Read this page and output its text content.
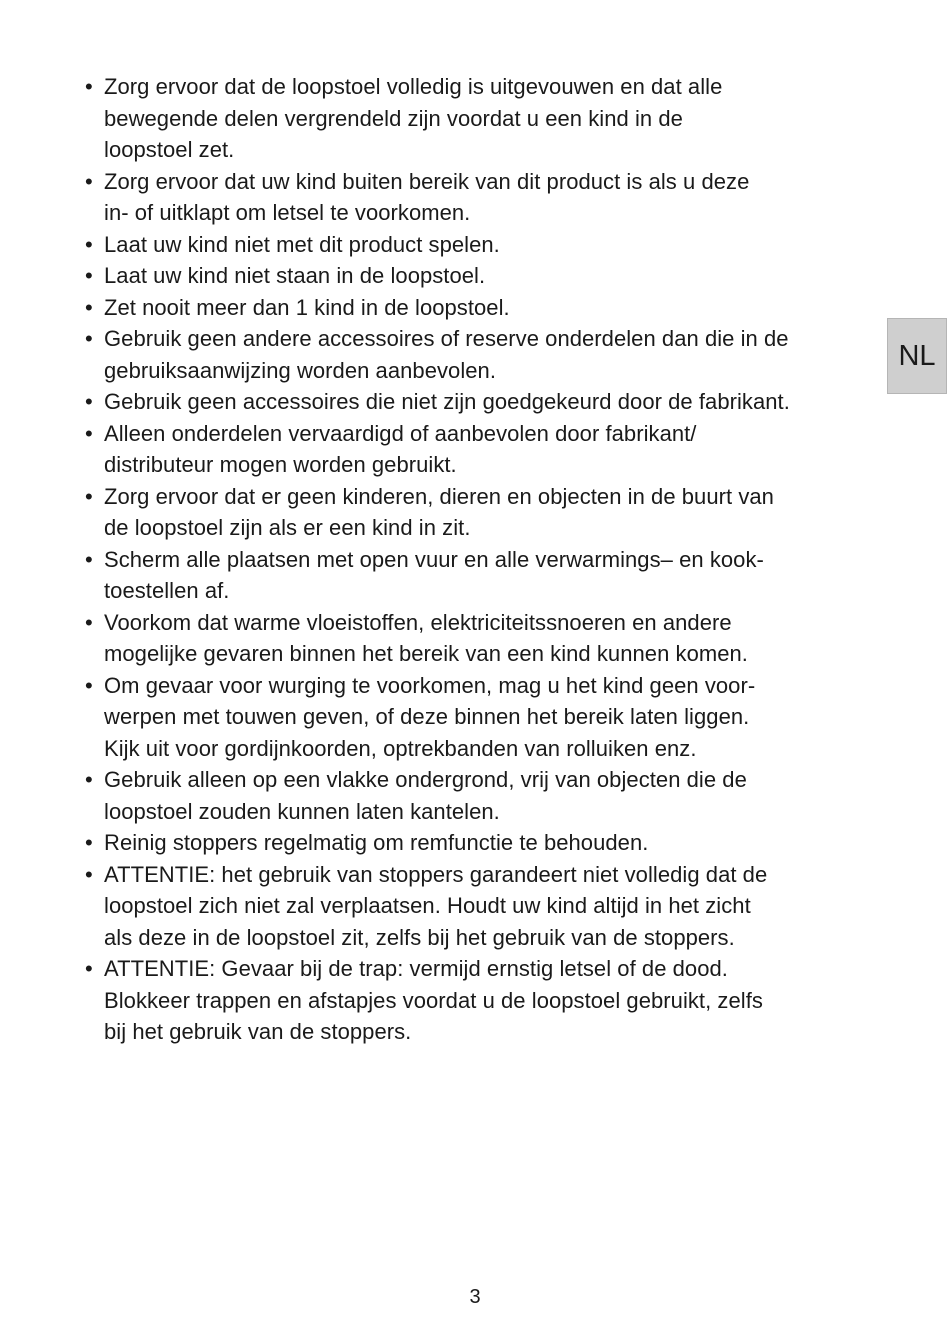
• Zorg ervoor dat de loopstoel volledig is uitgevouwen en dat alle
bewegende delen vergrendeld zijn voordat u een kind in de
loopstoel zet.
• Zorg ervoor dat uw kind buiten bereik van dit product is als u deze
in- of uitklapt om letsel te voorkomen.
• Laat uw kind niet met dit product spelen.
• Laat uw kind niet staan in de loopstoel.
• Zet nooit meer dan 1 kind in de loopstoel.
• Gebruik geen andere accessoires of reserve onderdelen dan die in de
gebruiksaanwijzing worden aanbevolen.
• Gebruik geen accessoires die niet zijn goedgekeurd door de fabrikant.
• Alleen onderdelen vervaardigd of aanbevolen door fabrikant/
distributeur mogen worden gebruikt.
• Zorg ervoor dat er geen kinderen, dieren en objecten in de buurt van
de loopstoel zijn als er een kind in zit.
• Scherm alle plaatsen met open vuur en alle verwarmings– en kook-
toestellen af.
• Voorkom dat warme vloeistoffen, elektriciteitssnoeren en andere
mogelijke gevaren binnen het bereik van een kind kunnen komen.
• Om gevaar voor wurging te voorkomen, mag u het kind geen voor-
werpen met touwen geven, of deze binnen het bereik laten liggen.
Kijk uit voor gordijnkoorden, optrekbanden van rolluiken enz.
• Gebruik alleen op een vlakke ondergrond, vrij van objecten die de
loopstoel zouden kunnen laten kantelen.
• Reinig stoppers regelmatig om remfunctie te behouden.
• ATTENTIE: het gebruik van stoppers garandeert niet volledig dat de
loopstoel zich niet zal verplaatsen. Houdt uw kind altijd in het zicht
als deze in de loopstoel zit, zelfs bij het gebruik van de stoppers.
• ATTENTIE: Gevaar bij de trap: vermijd ernstig letsel of de dood.
Blokkeer trappen en afstapjes voordat u de loopstoel gebruikt, zelfs
bij het gebruik van de stoppers.
NL
3
